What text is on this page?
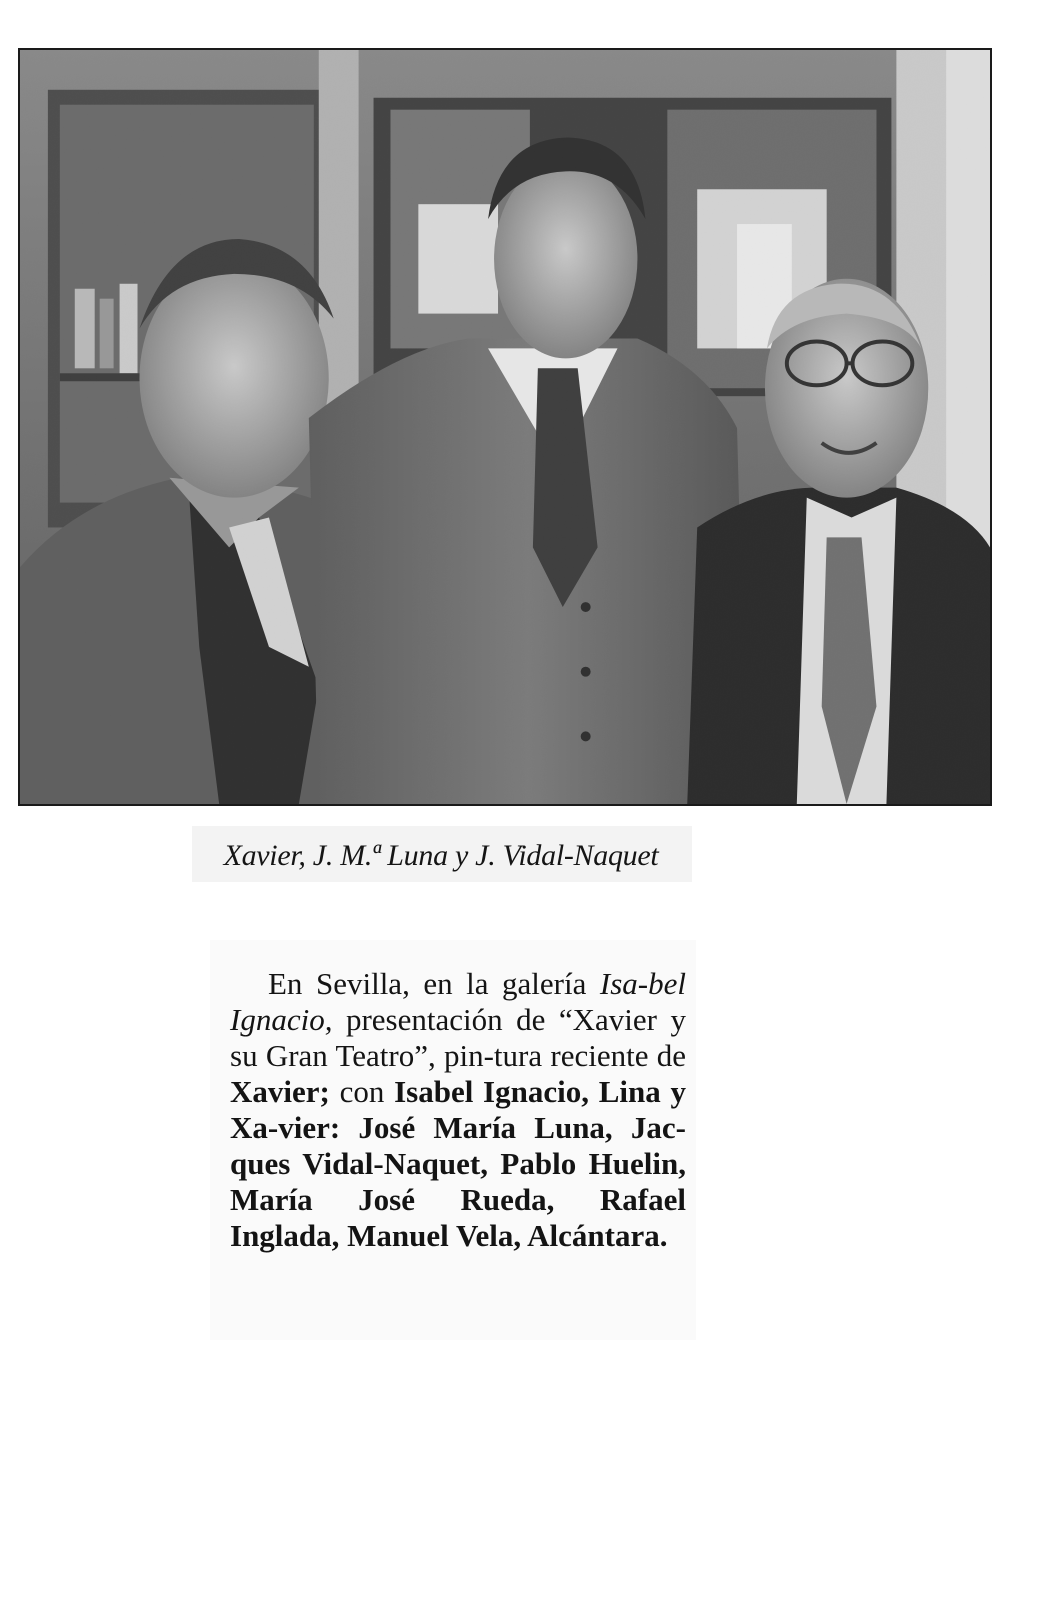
Xavier, J. M.ª Luna y J. Vidal-Naquet
En Sevilla, en la galería Isa-bel Ignacio, presentación de “Xavier y su Gran Teatro”, pin-tura reciente de Xavier; con Isabel Ignacio, Lina y Xa-vier: José María Luna, Jac-ques Vidal-Naquet, Pablo Huelin, María José Rueda, Rafael Inglada, Manuel Vela, Alcántara.
